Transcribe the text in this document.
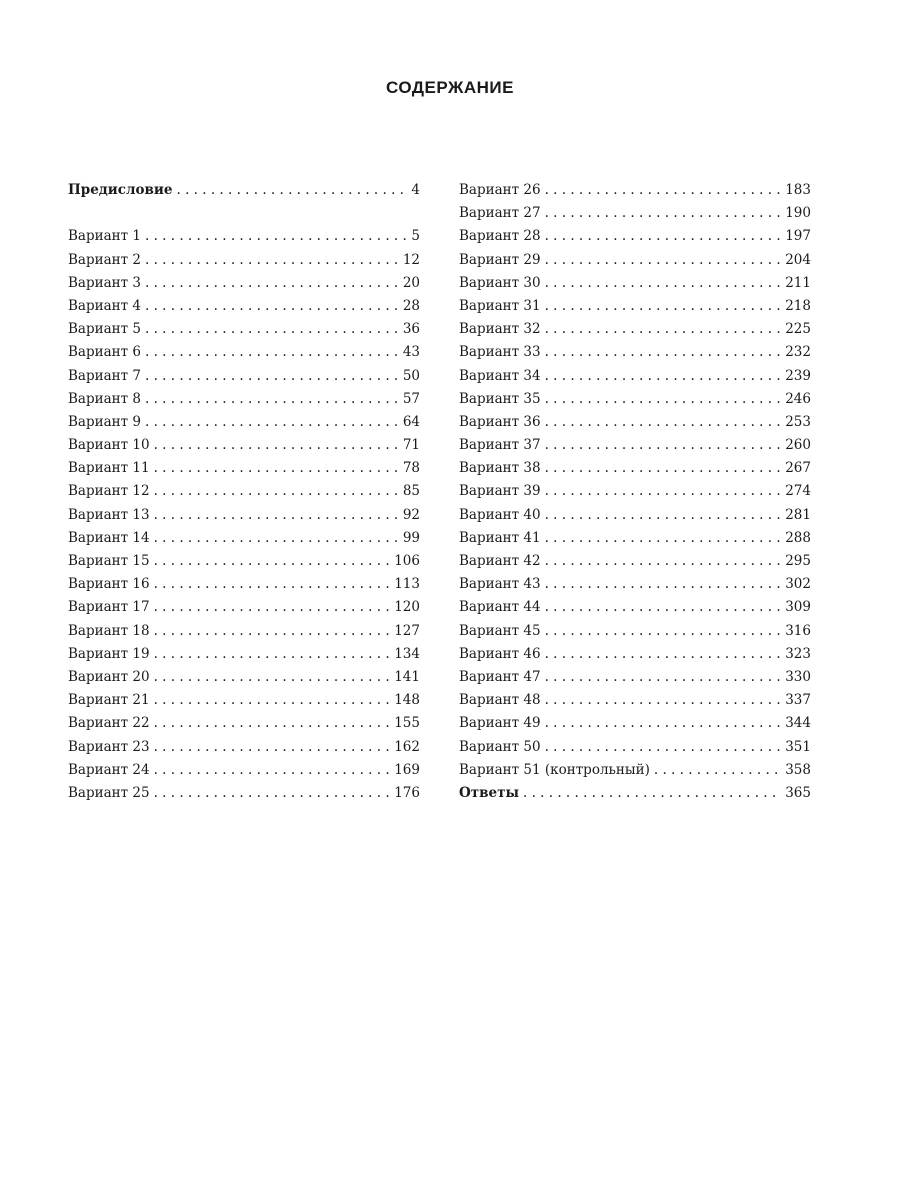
СОДЕРЖАНИЕ
Предисловие . . .	4
Вариант 1 . . .	5
Вариант 2 . . .	12
Вариант 3 . . .	20
Вариант 4 . . .	28
Вариант 5 . . .	36
Вариант 6 . . .	43
Вариант 7 . . .	50
Вариант 8 . . .	57
Вариант 9 . . .	64
Вариант 10 . . .	71
Вариант 11 . . .	78
Вариант 12 . . .	85
Вариант 13 . . .	92
Вариант 14 . . .	99
Вариант 15 . . .	106
Вариант 16 . . .	113
Вариант 17 . . .	120
Вариант 18 . . .	127
Вариант 19 . . .	134
Вариант 20 . . .	141
Вариант 21 . . .	148
Вариант 22 . . .	155
Вариант 23 . . .	162
Вариант 24 . . .	169
Вариант 25 . . .	176
Вариант 26 . . .	183
Вариант 27 . . .	190
Вариант 28 . . .	197
Вариант 29 . . .	204
Вариант 30 . . .	211
Вариант 31 . . .	218
Вариант 32 . . .	225
Вариант 33 . . .	232
Вариант 34 . . .	239
Вариант 35 . . .	246
Вариант 36 . . .	253
Вариант 37 . . .	260
Вариант 38 . . .	267
Вариант 39 . . .	274
Вариант 40 . . .	281
Вариант 41 . . .	288
Вариант 42 . . .	295
Вариант 43 . . .	302
Вариант 44 . . .	309
Вариант 45 . . .	316
Вариант 46 . . .	323
Вариант 47 . . .	330
Вариант 48 . . .	337
Вариант 49 . . .	344
Вариант 50 . . .	351
Вариант 51 (контрольный) . . .	358
Ответы . . .	365
